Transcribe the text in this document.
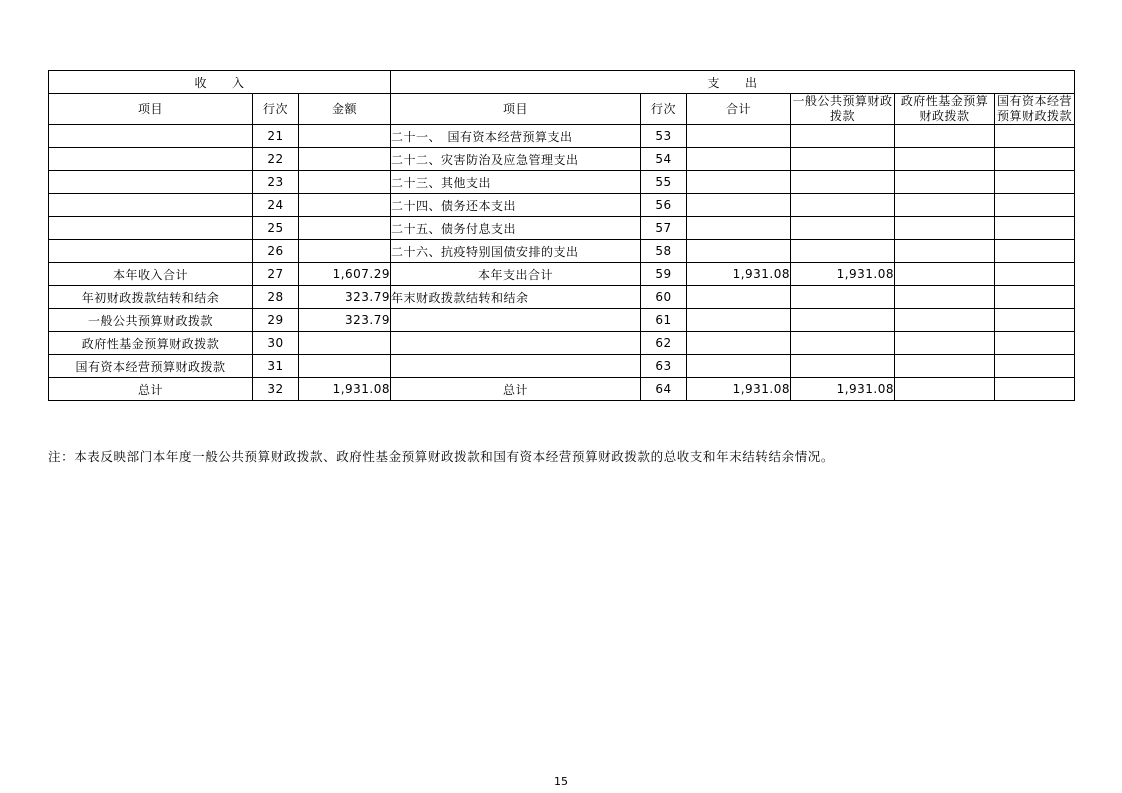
收　　入			支　　出					
项目	行次	金额	项目	行次	合计	一般公共预算财政拨款	政府性基金预算财政拨款	国有资本经营预算财政拨款
	21		二十一、　国有资本经营预算支出	53				
	22		二十二、灾害防治及应急管理支出	54				
	23		二十三、其他支出	55				
	24		二十四、债务还本支出	56				
	25		二十五、债务付息支出	57				
	26		二十六、抗疫特别国债安排的支出	58				
本年收入合计	27	1,607.29	本年支出合计	59	1,931.08	1,931.08		
年初财政拨款结转和结余	28	323.79	年末财政拨款结转和结余	60				
一般公共预算财政拨款	29	323.79		61				
政府性基金预算财政拨款	30			62				
国有资本经营预算财政拨款	31			63				
总计	32	1,931.08	总计	64	1,931.08	1,931.08		
注：本表反映部门本年度一般公共预算财政拨款、政府性基金预算财政拨款和国有资本经营预算财政拨款的总收支和年末结转结余情况。
15
